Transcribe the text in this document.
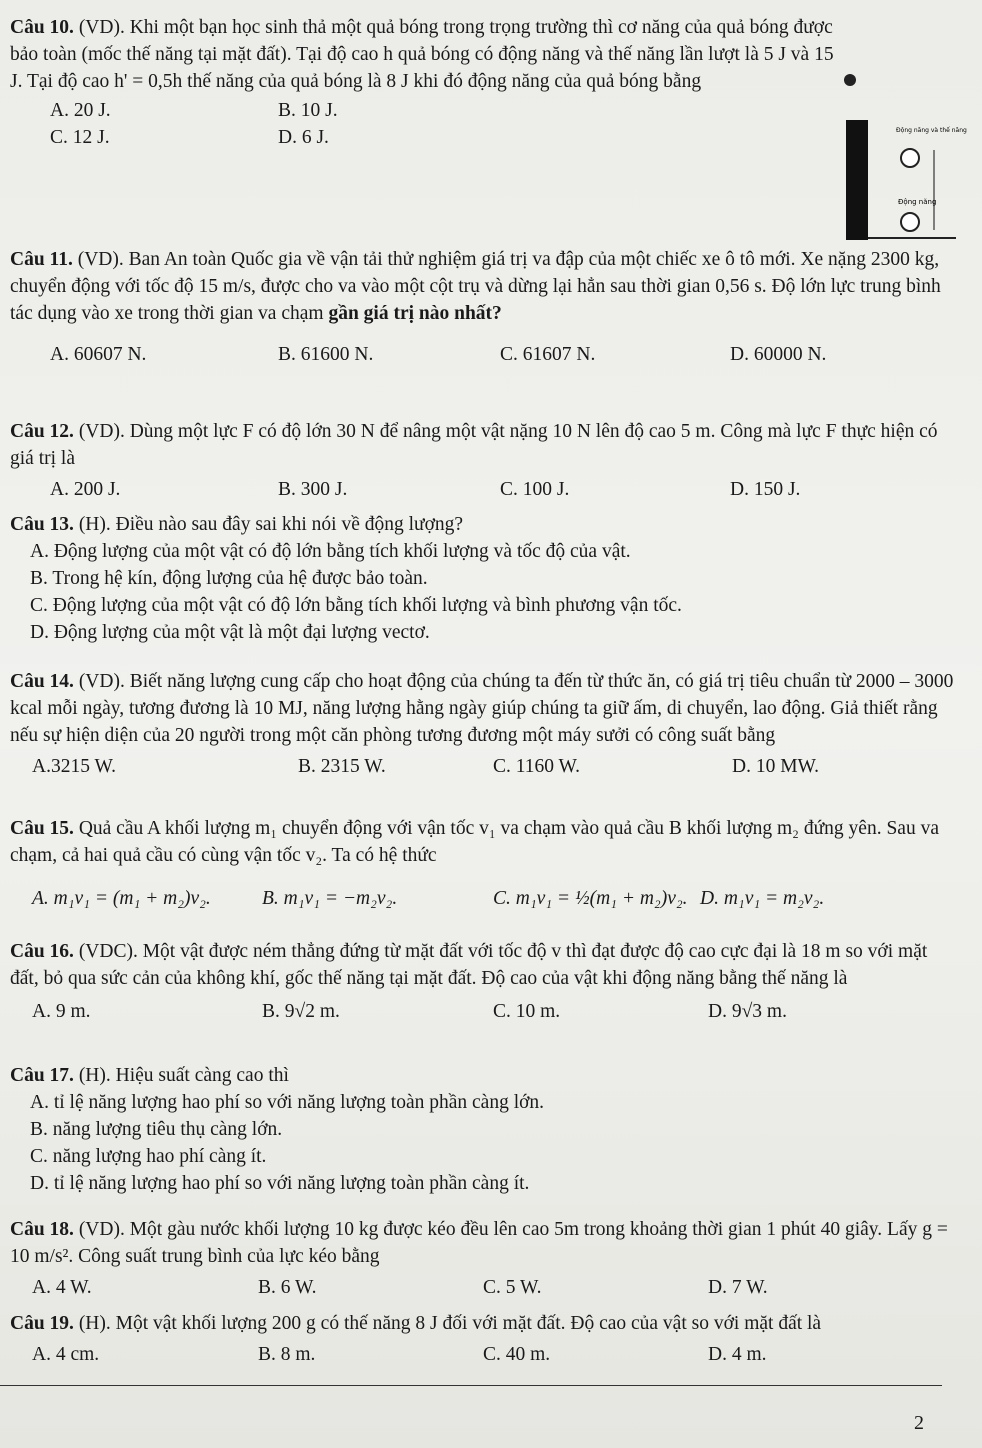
Câu 10. (VD). Khi một bạn học sinh thả một quả bóng trong trọng trường thì cơ năng của quả bóng được bảo toàn (mốc thế năng tại mặt đất). Tại độ cao h quả bóng có động năng và thế năng lần lượt là 5 J và 15 J. Tại độ cao h' = 0,5h thế năng của quả bóng là 8 J khi đó động năng của quả bóng bằng

A. 20 J.	B. 10 J.
C. 12 J.	D. 6 J.	Động năng và thế năng
Động năng

Câu 11. (VD). Ban An toàn Quốc gia về vận tải thử nghiệm giá trị va đập của một chiếc xe ô tô mới. Xe nặng 2300 kg, chuyển động với tốc độ 15 m/s, được cho va vào một cột trụ và dừng lại hẳn sau thời gian 0,56 s. Độ lớn lực trung bình tác dụng vào xe trong thời gian va chạm gần giá trị nào nhất?

A. 60607 N.	B. 61600 N.	C. 61607 N.	D. 60000 N.

Câu 12. (VD). Dùng một lực F có độ lớn 30 N để nâng một vật nặng 10 N lên độ cao 5 m. Công mà lực F thực hiện có giá trị là

A. 200 J.	B. 300 J.	C. 100 J.	D. 150 J.

Câu 13. (H). Điều nào sau đây sai khi nói về động lượng?

A. Động lượng của một vật có độ lớn bằng tích khối lượng và tốc độ của vật.
B. Trong hệ kín, động lượng của hệ được bảo toàn.
C. Động lượng của một vật có độ lớn bằng tích khối lượng và bình phương vận tốc.
D. Động lượng của một vật là một đại lượng vectơ.

Câu 14. (VD). Biết năng lượng cung cấp cho hoạt động của chúng ta đến từ thức ăn, có giá trị tiêu chuẩn từ 2000 – 3000 kcal mỗi ngày, tương đương là 10 MJ, năng lượng hằng ngày giúp chúng ta giữ ấm, di chuyển, lao động. Giả thiết rằng nếu sự hiện diện của 20 người trong một căn phòng tương đương một máy sưởi có công suất bằng

A.3215 W.	B. 2315 W.	C. 1160 W.	D. 10 MW.

Câu 15. Quả cầu A khối lượng m₁ chuyển động với vận tốc v₁ va chạm vào quả cầu B khối lượng m₂ đứng yên. Sau va chạm, cả hai quả cầu có cùng vận tốc v₂. Ta có hệ thức

A. m₁v₁ = (m₁ + m₂)v₂.	B. m₁v₁ = −m₂v₂.	C. m₁v₁ = ½(m₁ + m₂)v₂. D. m₁v₁ = m₂v₂.

Câu 16. (VDC). Một vật được ném thẳng đứng từ mặt đất với tốc độ v thì đạt được độ cao cực đại là 18 m so với mặt đất, bỏ qua sức cản của không khí, gốc thế năng tại mặt đất. Độ cao của vật khi động năng bằng thế năng là

A. 9 m.	B. 9√2 m.	C. 10 m.	D. 9√3 m.

Câu 17. (H). Hiệu suất càng cao thì

A. tỉ lệ năng lượng hao phí so với năng lượng toàn phần càng lớn.
B. năng lượng tiêu thụ càng lớn.
C. năng lượng hao phí càng ít.
D. tỉ lệ năng lượng hao phí so với năng lượng toàn phần càng ít.

Câu 18. (VD). Một gàu nước khối lượng 10 kg được kéo đều lên cao 5m trong khoảng thời gian 1 phút 40 giây. Lấy g = 10 m/s². Công suất trung bình của lực kéo bằng

A. 4 W.	B. 6 W.	C. 5 W.	D. 7 W.

Câu 19. (H). Một vật khối lượng 200 g có thế năng 8 J đối với mặt đất. Độ cao của vật so với mặt đất là

A. 4 cm.	B. 8 m.	C. 40 m.	D. 4 m.
2
